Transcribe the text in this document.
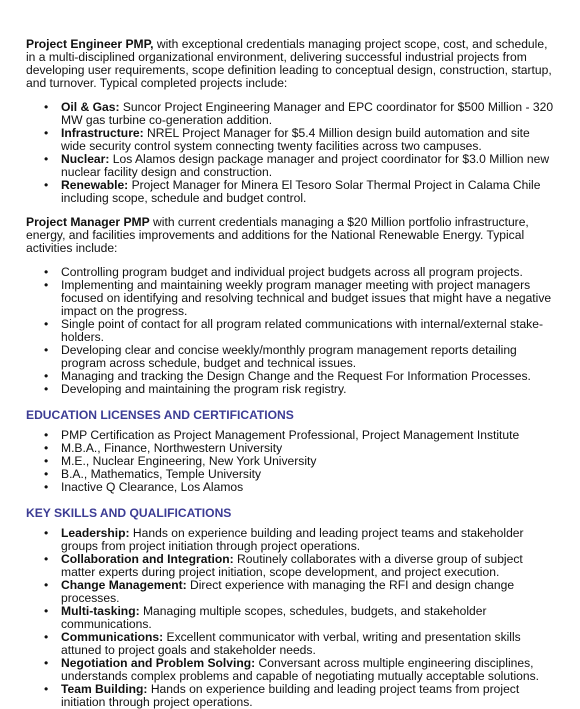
Project Engineer PMP, with exceptional credentials managing project scope, cost, and schedule, in a multi-disciplined organizational environment, delivering successful industrial projects from developing user requirements, scope definition leading to conceptual design, construction, startup, and turnover. Typical completed projects include:

• Oil & Gas: Suncor Project Engineering Manager and EPC coordinator for $500 Million - 320 MW gas turbine co-generation addition.
• Infrastructure: NREL Project Manager for $5.4 Million design build automation and site wide security control system connecting twenty facilities across two campuses.
• Nuclear: Los Alamos design package manager and project coordinator for $3.0 Million new nuclear facility design and construction.
• Renewable: Project Manager for Minera El Tesoro Solar Thermal Project in Calama Chile including scope, schedule and budget control.

Project Manager PMP with current credentials managing a $20 Million portfolio infrastructure, energy, and facilities improvements and additions for the National Renewable Energy. Typical activities include:

• Controlling program budget and individual project budgets across all program projects.
• Implementing and maintaining weekly program manager meeting with project managers focused on identifying and resolving technical and budget issues that might have a negative impact on the progress.
• Single point of contact for all program related communications with internal/external stake-holders.
• Developing clear and concise weekly/monthly program management reports detailing program across schedule, budget and technical issues.
• Managing and tracking the Design Change and the Request For Information Processes.
• Developing and maintaining the program risk registry.

EDUCATION LICENSES AND CERTIFICATIONS

• PMP Certification as Project Management Professional, Project Management Institute
• M.B.A., Finance, Northwestern University
• M.E., Nuclear Engineering, New York University
• B.A., Mathematics, Temple University
• Inactive Q Clearance, Los Alamos

KEY SKILLS AND QUALIFICATIONS

• Leadership: Hands on experience building and leading project teams and stakeholder groups from project initiation through project operations.
• Collaboration and Integration: Routinely collaborates with a diverse group of subject matter experts during project initiation, scope development, and project execution.
• Change Management: Direct experience with managing the RFI and design change processes.
• Multi-tasking: Managing multiple scopes, schedules, budgets, and stakeholder communications.
• Communications: Excellent communicator with verbal, writing and presentation skills attuned to project goals and stakeholder needs.
• Negotiation and Problem Solving: Conversant across multiple engineering disciplines, understands complex problems and capable of negotiating mutually acceptable solutions.
• Team Building: Hands on experience building and leading project teams from project initiation through project operations.
